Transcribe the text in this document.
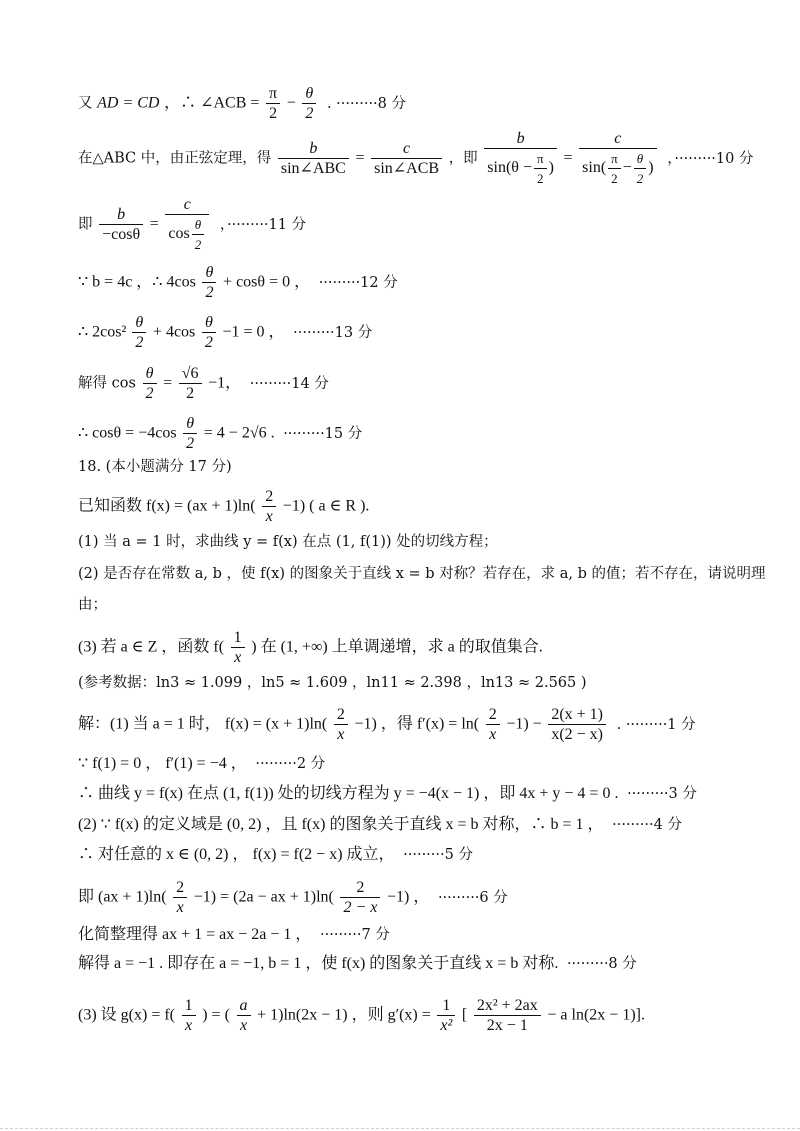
又 AD = CD ，∴ ∠ACB = $\frac{\pi}{2} - \frac{\theta}{2}$ . ·········8 分
在△ABC 中，由正弦定理，得 $\frac{b}{\text{sin∠ABC}} = \frac{c}{\text{sin∠ACB}}$ ，即 $\frac{b}{\sin(\theta - \frac{\pi}{2} )} = \frac{c}{\sin( \frac{\pi}{2} - \frac{\theta}{2} )}$ ，·········10 分
即 $\frac{b}{-\cos\theta} = \frac{c}{\cos \frac{\theta}{2}}$ ，·········11 分
∵ b = 4c ，∴ $4\cos \frac{\theta}{2} + \cos\theta = 0$ ， ·········12 分
∴ $2\cos^2 \frac{\theta}{2} + 4\cos \frac{\theta}{2} -1 = 0$ ， ·········13 分
解得 $\cos \frac{\theta}{2} = \frac{√6}{2} -1$， ·········14 分
∴ $\cos\theta = -4\cos \frac{\theta}{2} = 4 - 2√6$ . ·········15 分
18. (本小题满分 17 分)
已知函数 $f(x) = (ax + 1)\ln( \frac{2}{x} -1)$ ( a ∈ R ).
(1) 当 a = 1 时，求曲线 y = f(x) 在点 (1, f(1)) 处的切线方程；
(2) 是否存在常数 a, b ，使 f(x) 的图象关于直线 x = b 对称？若存在，求 a, b 的值；若不存在，请说明理
由；
(3) 若 a ∈ Z ，函数 $f( \frac{1}{x}$ ) 在 (1, +∞) 上单调递增，求 a 的取值集合.
(参考数据：ln3 ≈ 1.099 ，ln5 ≈ 1.609 ，ln11 ≈ 2.398 ，ln13 ≈ 2.565 )
解：(1) 当 a = 1 时， $f(x) = (x + 1)\ln( \frac{2}{x} -1)$ ，得 $f'(x) = \ln( \frac{2}{x} -1) - \frac{2(x + 1)}{x(2 - x)}$ . ·········1 分
∵ f(1) = 0 ， f′(1) = −4 ， ·········2 分
∴ 曲线 y = f(x) 在点 (1, f(1)) 处的切线方程为 y = −4(x − 1) ，即 4x + y − 4 = 0 . ·········3 分
(2) ∵ f(x) 的定义域是 (0, 2) ，且 f(x) 的图象关于直线 x = b 对称，∴ b = 1 ， ·········4 分
∴ 对任意的 x ∈ (0, 2) ， f(x) = f(2 − x) 成立， ·········5 分
即 $(ax + 1)\ln( \frac{2}{x} -1) = (2a$ − ax + $1)\ln( \frac{2}{2 - x} -1)$ ， ·········6 分
化简整理得 ax + 1 = ax − 2a − 1 ， ·········7 分
解得 a = −1 . 即存在 a = −1, b = 1 ，使 f(x) 的图象关于直线 x = b 对称. ·········8 分
(3) 设 $g(x) = f( \frac{1}{x}$ ) = ( $\frac{a}{x} + 1)\ln(2x - 1)$ ，则 $g'(x) = \frac{1}{\text{x²}}$ [ $\frac{\text{2x² + 2ax}}{2x - 1} - a$ ln(2x − 1)].
